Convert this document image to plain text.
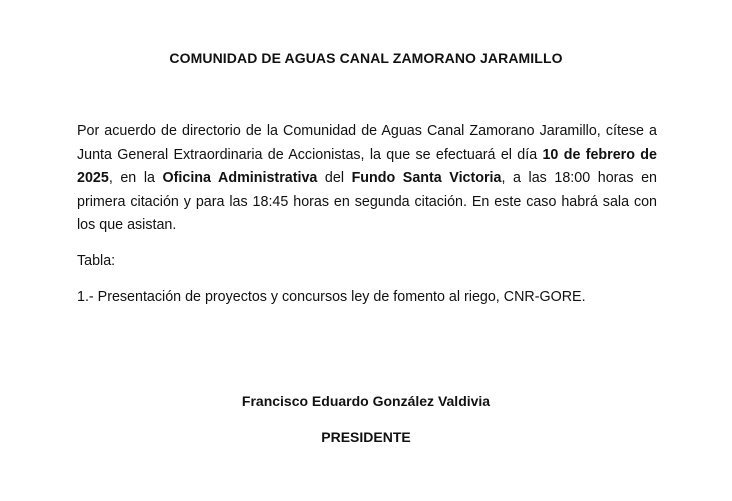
COMUNIDAD DE AGUAS CANAL ZAMORANO JARAMILLO
Por acuerdo de directorio de la Comunidad de Aguas Canal Zamorano Jaramillo, cítese a Junta General Extraordinaria de Accionistas, la que se efectuará el día 10 de febrero de 2025, en la Oficina Administrativa del Fundo Santa Victoria, a las 18:00 horas en primera citación y para las 18:45 horas en segunda citación. En este caso habrá sala con los que asistan.
Tabla:
1.- Presentación de proyectos y concursos ley de fomento al riego, CNR-GORE.
Francisco Eduardo González Valdivia
PRESIDENTE
